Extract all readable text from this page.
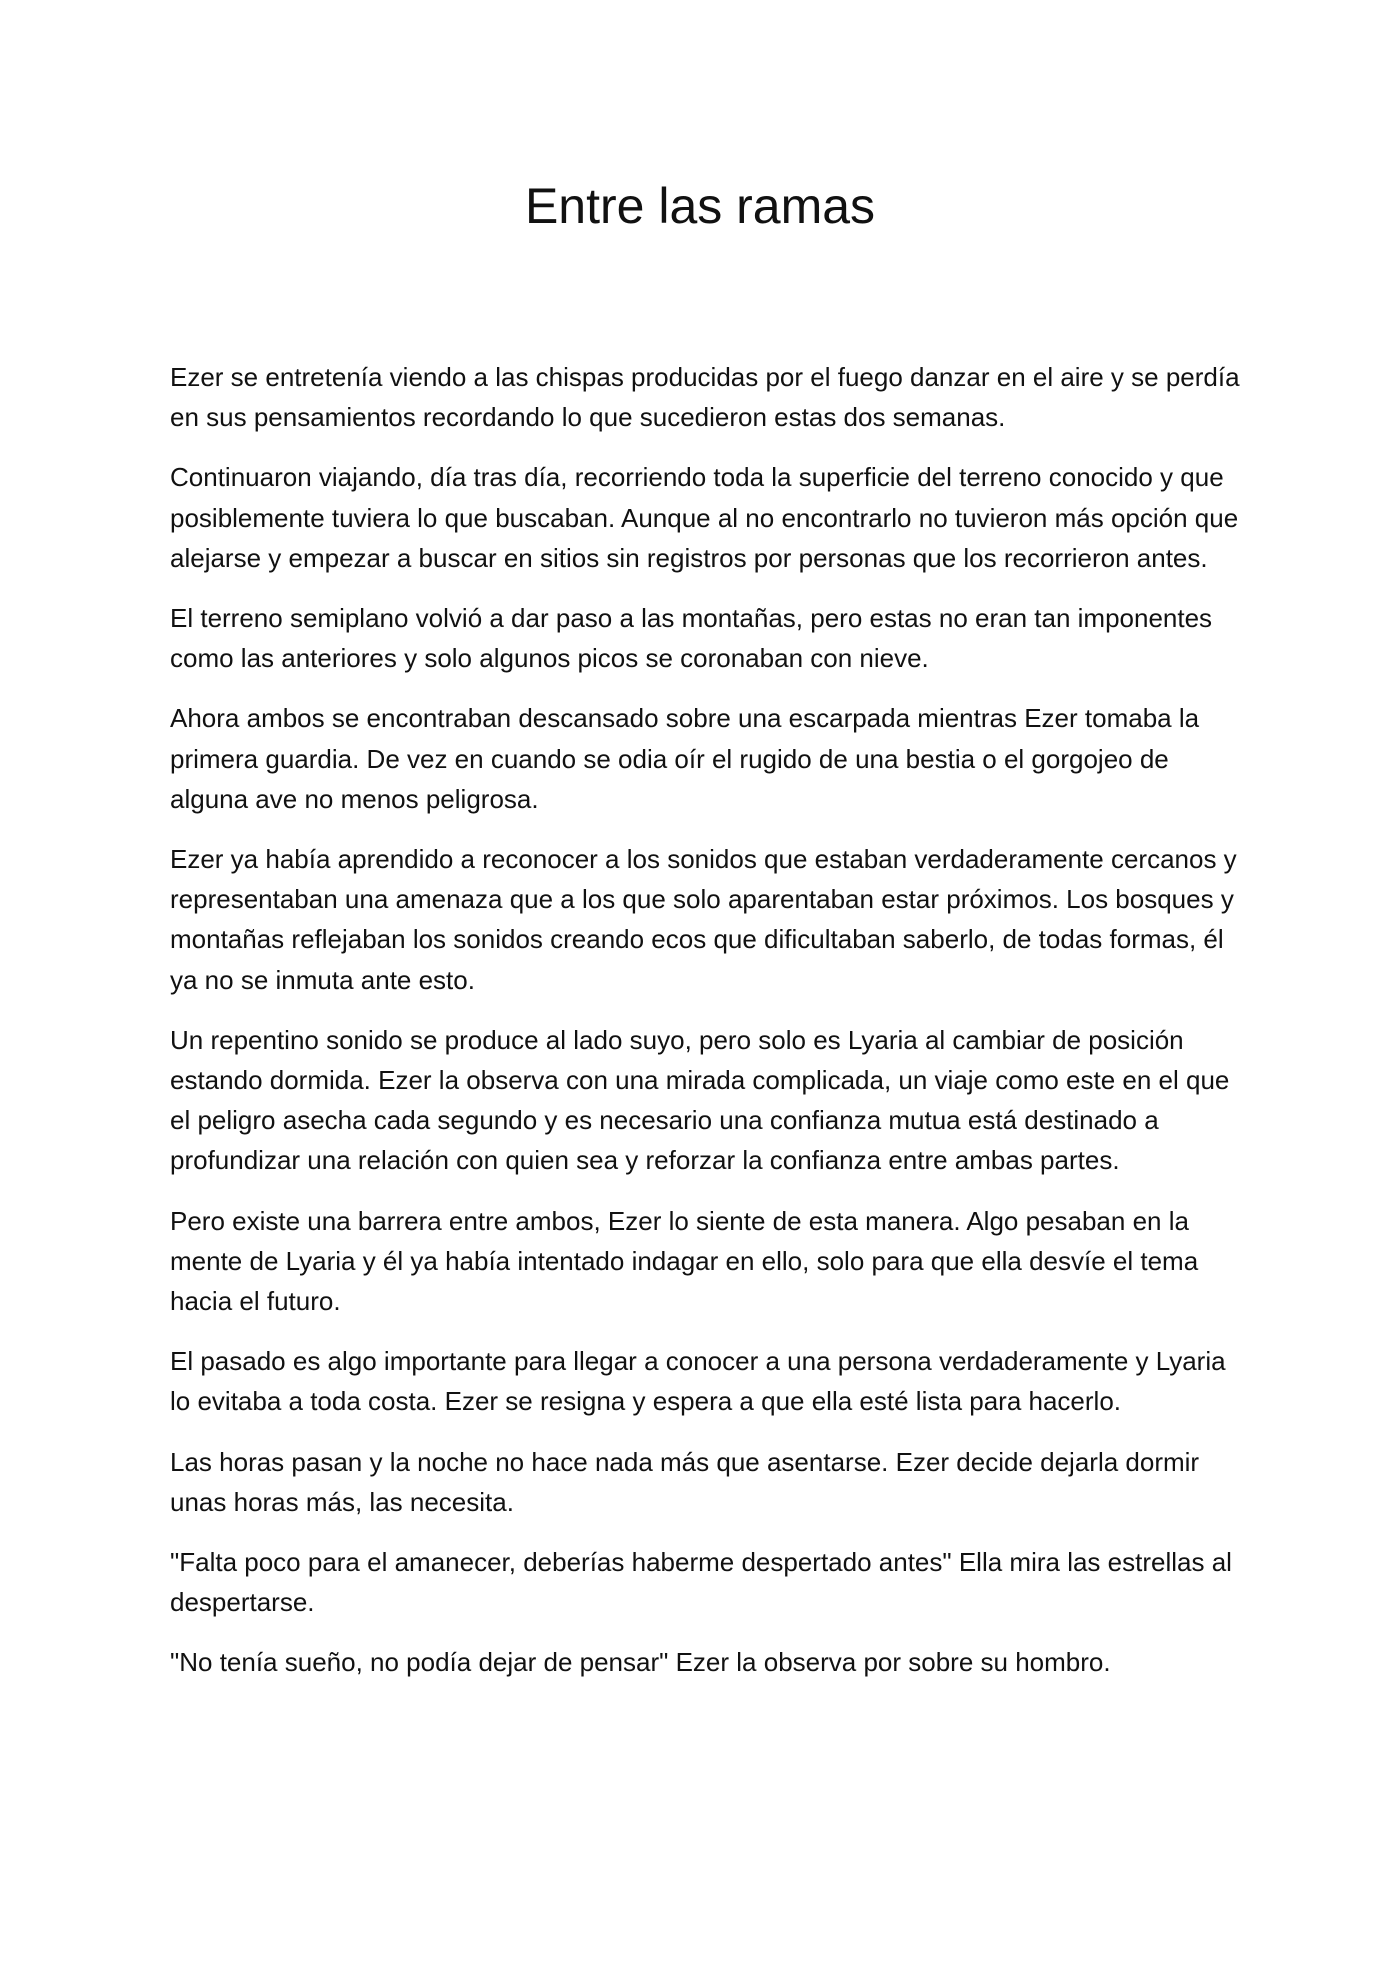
Entre las ramas

Ezer se entretenía viendo a las chispas producidas por el fuego danzar en el aire y se perdía en sus pensamientos recordando lo que sucedieron estas dos semanas.

Continuaron viajando, día tras día, recorriendo toda la superficie del terreno conocido y que posiblemente tuviera lo que buscaban. Aunque al no encontrarlo no tuvieron más opción que alejarse y empezar a buscar en sitios sin registros por personas que los recorrieron antes.

El terreno semiplano volvió a dar paso a las montañas, pero estas no eran tan imponentes como las anteriores y solo algunos picos se coronaban con nieve.

Ahora ambos se encontraban descansado sobre una escarpada mientras Ezer tomaba la primera guardia. De vez en cuando se odia oír el rugido de una bestia o el gorgojeo de alguna ave no menos peligrosa.

Ezer ya había aprendido a reconocer a los sonidos que estaban verdaderamente cercanos y representaban una amenaza que a los que solo aparentaban estar próximos. Los bosques y montañas reflejaban los sonidos creando ecos que dificultaban saberlo, de todas formas, él ya no se inmuta ante esto.

Un repentino sonido se produce al lado suyo, pero solo es Lyaria al cambiar de posición estando dormida. Ezer la observa con una mirada complicada, un viaje como este en el que el peligro asecha cada segundo y es necesario una confianza mutua está destinado a profundizar una relación con quien sea y reforzar la confianza entre ambas partes.

Pero existe una barrera entre ambos, Ezer lo siente de esta manera. Algo pesaban en la mente de Lyaria y él ya había intentado indagar en ello, solo para que ella desvíe el tema hacia el futuro.

El pasado es algo importante para llegar a conocer a una persona verdaderamente y Lyaria lo evitaba a toda costa. Ezer se resigna y espera a que ella esté lista para hacerlo.

Las horas pasan y la noche no hace nada más que asentarse. Ezer decide dejarla dormir unas horas más, las necesita.

"Falta poco para el amanecer, deberías haberme despertado antes" Ella mira las estrellas al despertarse.

"No tenía sueño, no podía dejar de pensar" Ezer la observa por sobre su hombro.
